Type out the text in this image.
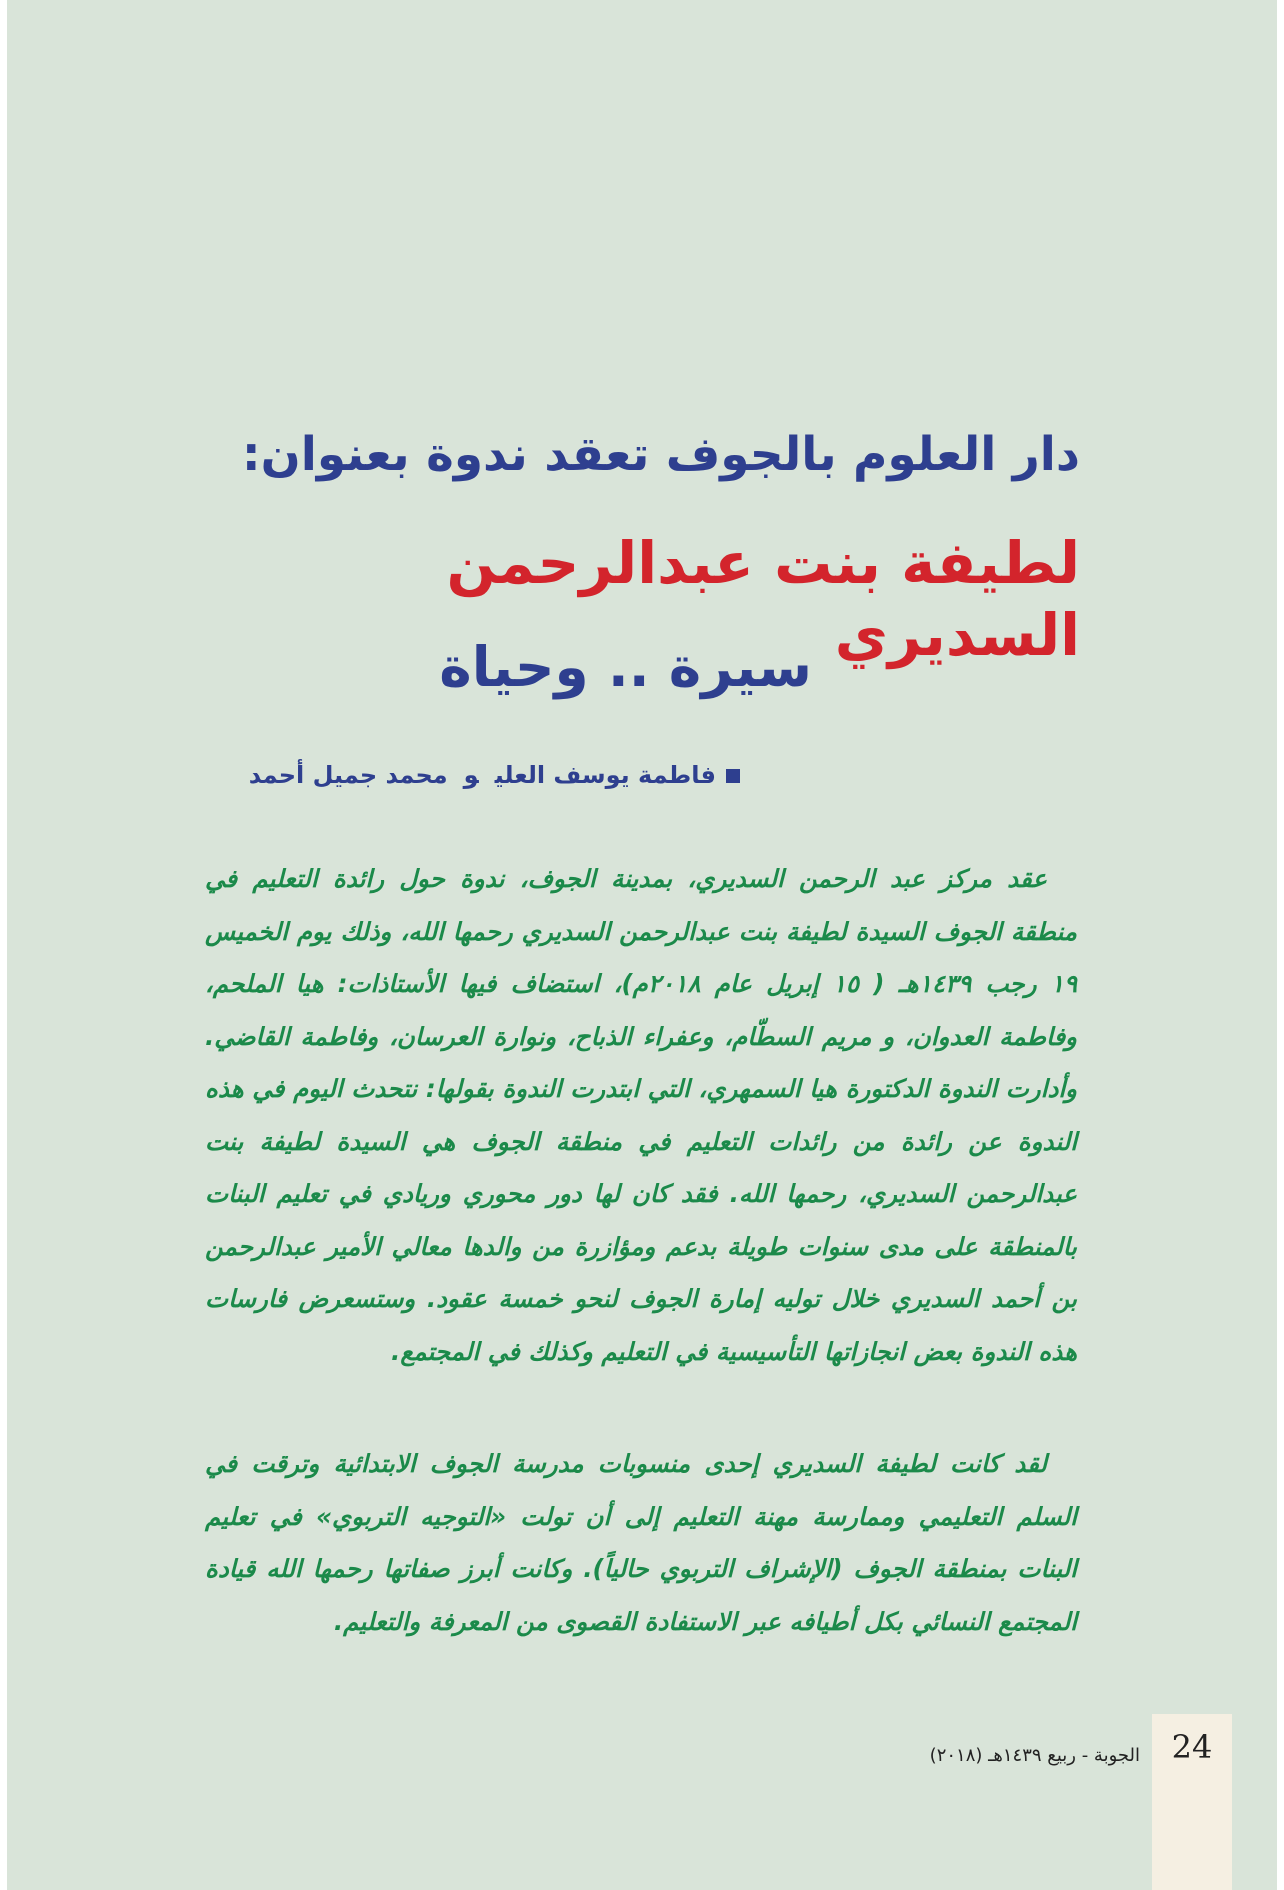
دار العلوم بالجوف تعقد ندوة بعنوان:
لطيفة بنت عبدالرحمن السديري
سيرة .. وحياة
فاطمة يوسف العليومحمد جميل أحمد

عقد مركز عبد الرحمن السديري، بمدينة الجوف، ندوة حول رائدة التعليم في منطقة الجوف السيدة لطيفة بنت عبدالرحمن السديري رحمها الله، وذلك يوم الخميس ١٩ رجب ١٤٣٩هـ ( ١٥ إبريل عام ٢٠١٨م)، استضاف فيها الأستاذات: هيا الملحم، وفاطمة العدوان، و مريم السطّام، وعفراء الذباح، ونوارة العرسان، وفاطمة القاضي. وأدارت الندوة الدكتورة هيا السمهري، التي ابتدرت الندوة بقولها: نتحدث اليوم في هذه الندوة عن رائدة من رائدات التعليم في منطقة الجوف هي السيدة لطيفة بنت عبدالرحمن السديري، رحمها الله. فقد كان لها دور محوري وريادي في تعليم البنات بالمنطقة على مدى سنوات طويلة بدعم ومؤازرة من والدها معالي الأمير عبدالرحمن بن أحمد السديري خلال توليه إمارة الجوف لنحو خمسة عقود. وستسعرض فارسات هذه الندوة بعض انجازاتها التأسيسية في التعليم وكذلك في المجتمع.

لقد كانت لطيفة السديري إحدى منسوبات مدرسة الجوف الابتدائية وترقت في السلم التعليمي وممارسة مهنة التعليم إلى أن تولت «التوجيه التربوي» في تعليم البنات بمنطقة الجوف (الإشراف التربوي حالياً). وكانت أبرز صفاتها رحمها الله قيادة المجتمع النسائي بكل أطيافه عبر الاستفادة القصوى من المعرفة والتعليم.

24
الجوبة - ربيع ١٤٣٩هـ (٢٠١٨)
